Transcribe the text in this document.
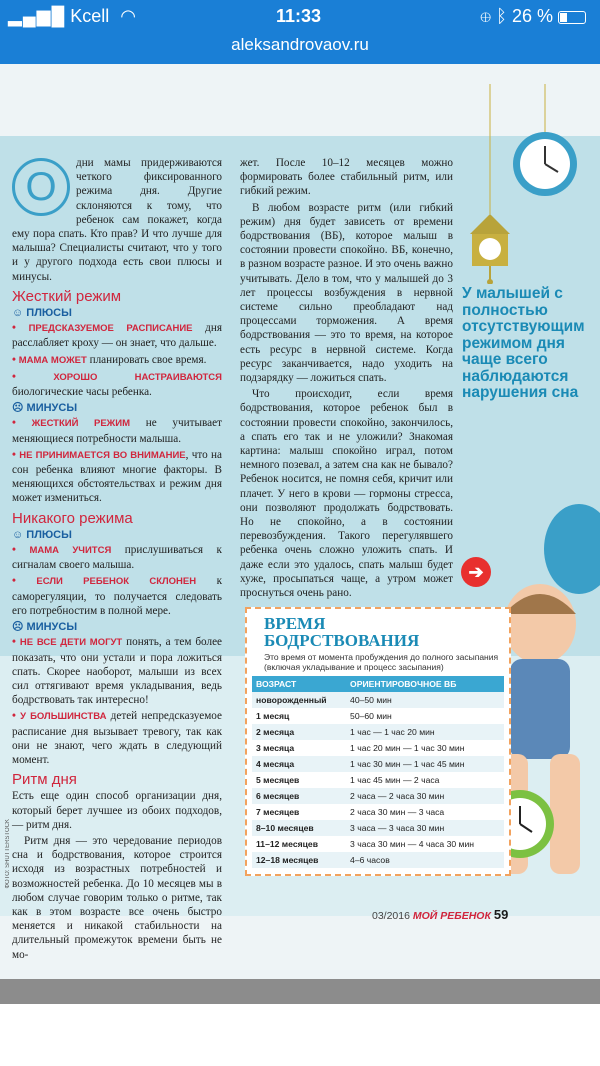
▂▄▆█ Kcell ◠	11:33	⊕ ᛒ 26 %
aleksandrovaov.ru
➔

О
дни мамы придерживаются четкого фиксированного режима дня. Другие склоняются к тому, что ребенок сам покажет, когда ему пора спать. Кто прав? И что лучше для малыша? Специалисты считают, что у того и у другого подхода есть свои плюсы и минусы.

Жесткий режим
☺ ПЛЮСЫ

• ПРЕДСКАЗУЕМОЕ РАСПИСАНИЕ дня расслабляет кроху — он знает, что дальше.

• МАМА МОЖЕТ планировать свое время.

• ХОРОШО НАСТРАИВАЮТСЯ биологические часы ребенка.

☹ МИНУСЫ

• ЖЕСТКИЙ РЕЖИМ не учитывает меняющиеся потребности малыша.

• НЕ ПРИНИМАЕТСЯ ВО ВНИМАНИЕ, что на сон ребенка влияют многие факторы. В меняющихся обстоятельствах и режим дня может измениться.

Никакого режима
☺ ПЛЮСЫ

• МАМА УЧИТСЯ прислушиваться к сигналам своего малыша.

• ЕСЛИ РЕБЕНОК СКЛОНЕН к саморегуляции, то получается следовать его потребностим в полной мере.

☹ МИНУСЫ

• НЕ ВСЕ ДЕТИ МОГУТ понять, а тем более показать, что они устали и пора ложиться спать. Скорее наоборот, малыши из всех сил оттягивают время укладывания, ведь бодрствовать так интересно!

• У БОЛЬШИНСТВА детей непредсказуемое расписание дня вызывает тревогу, так как они не знают, чего ждать в следующий момент.

Ритм дня

Есть еще один способ организации дня, который берет лучшее из обоих подходов, — ритм дня.

Ритм дня — это чередование периодов сна и бодрствования, которое строится исходя из возрастных потребностей и возможностей ребенка. До 10 месяцев мы в любом случае говорим только о ритме, так как в этом возрасте все очень быстро меняется и никакой стабильности на длительный промежуток времени быть не мо-

жет. После 10–12 месяцев можно формировать более стабильный ритм, или гибкий режим.

В любом возрасте ритм (или гибкий режим) дня будет зависеть от времени бодрствования (ВБ), которое малыш в состоянии провести спокойно. ВБ, конечно, в разном возрасте разное. И это очень важно учитывать. Дело в том, что у малышей до 3 лет процессы возбуждения в нервной системе сильно преобладают над процессами торможения. А время бодрствования — это то время, на которое есть ресурс в нервной системе. Когда ресурс заканчивается, надо уходить на подзарядку — ложиться спать.

Что происходит, если время бодрствования, которое ребенок был в состоянии провести спокойно, закончилось, а спать его так и не уложили? Знакомая картина: малыш спокойно играл, потом немного позевал, а затем сна как не бывало? Ребенок носится, не помня себя, кричит или плачет. У него в крови — гормоны стресса, они позволяют продолжать бодрствовать. Но не спокойно, а в состоянии перевозбуждения. Такого перегулявшего ребенка очень сложно уложить спать. И даже если это удалось, спать малыш будет хуже, просыпаться чаще, а утром может проснуться очень рано.

У малышей с полностью отсутствующим режимом дня чаще всего наблюдаются нарушения сна
ВРЕМЯ
БОДРСТВОВАНИЯ
Это время от момента пробуждения до полного засыпания (включая укладывание и процесс засыпания)
ВОЗРАСТ	ОРИЕНТИРОВОЧНОЕ ВБ
новорожденный	40–50 мин
1 месяц	50–60 мин
2 месяца	1 час — 1 час 20 мин
3 месяца	1 час 20 мин — 1 час 30 мин
4 месяца	1 час 30 мин — 1 час 45 мин
5 месяцев	1 час 45 мин — 2 часа
6 месяцев	2 часа — 2 часа 30 мин
7 месяцев	2 часа 30 мин — 3 часа
8–10 месяцев	3 часа — 3 часа 30 мин
11–12 месяцев	3 часа 30 мин — 4 часа 30 мин
12–18 месяцев	4–6 часов
03/2016 МОЙ РЕБЕНОК 59
ФОТО: SHUTTERSTOCK
